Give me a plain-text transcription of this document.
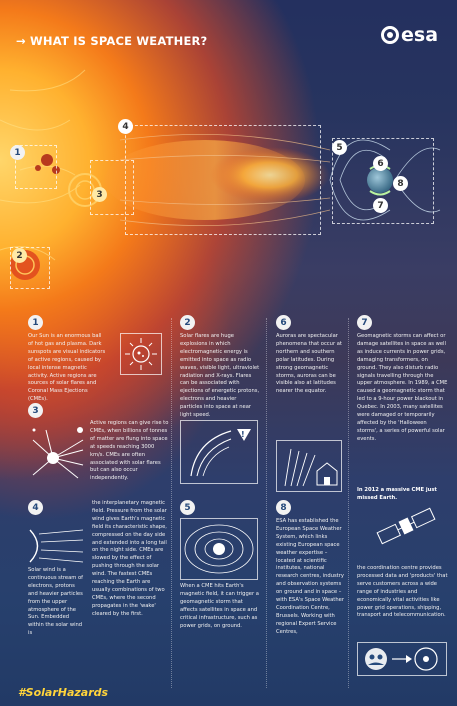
→ WHAT IS SPACE WEATHER?	esa
1
2
3
4
5
6
8
7
1
Our Sun is an enormous ball of hot gas and plasma. Dark sunspots are visual indicators of active regions, caused by local intense magnetic activity. Active regions are sources of solar flares and Coronal Mass Ejections (CMEs).
3
Active regions can give rise to CMEs, when billions of tonnes of matter are flung into space at speeds reaching 3000 km/s. CMEs are often associated with solar flares but can also occur independently.
4
Solar wind is a continuous stream of electrons, protons and heavier particles from the upper atmosphere of the Sun. Embedded within the solar wind is
the interplanetary magnetic field. Pressure from the solar wind gives Earth's magnetic field its characteristic shape, compressed on the day side and extended into a long tail on the night side. CMEs are slowed by the effect of pushing through the solar wind. The fastest CMEs reaching the Earth are usually combinations of two CMEs, where the second propagates in the 'wake' cleared by the first.
2
Solar flares are huge explosions in which electromagnetic energy is emitted into space as radio waves, visible light, ultraviolet radiation and X-rays. Flares can be associated with ejections of energetic protons, electrons and heavier particles into space at near light speed.
!
5
When a CME hits Earth's magnetic field, it can trigger a geomagnetic storm that affects satellites in space and critical infrastructure, such as power grids, on ground.
6
Auroras are spectacular phenomena that occur at northern and southern polar latitudes. During strong geomagnetic storms, auroras can be visible also at latitudes nearer the equator.
8
ESA has established the European Space Weather System, which links existing European space weather expertise – located at scientific institutes, national research centres, industry and observation systems on ground and in space – with ESA's Space Weather Coordination Centre, Brussels. Working with regional Expert Service Centres,
7
Geomagnetic storms can affect or damage satellites in space as well as induce currents in power grids, damaging transformers, on ground. They also disturb radio signals travelling through the upper atmosphere. In 1989, a CME caused a geomagnetic storm that led to a 9-hour power blackout in Quebec. In 2003, many satellites were damaged or temporarily affected by the 'Halloween storms', a series of powerful solar events.
In 2012 a massive CME just missed Earth.
the coordination centre provides processed data and 'products' that serve customers across a wide range of industries and economically vital activities like power grid operations, shipping, transport and telecommunication.
#SolarHazards
